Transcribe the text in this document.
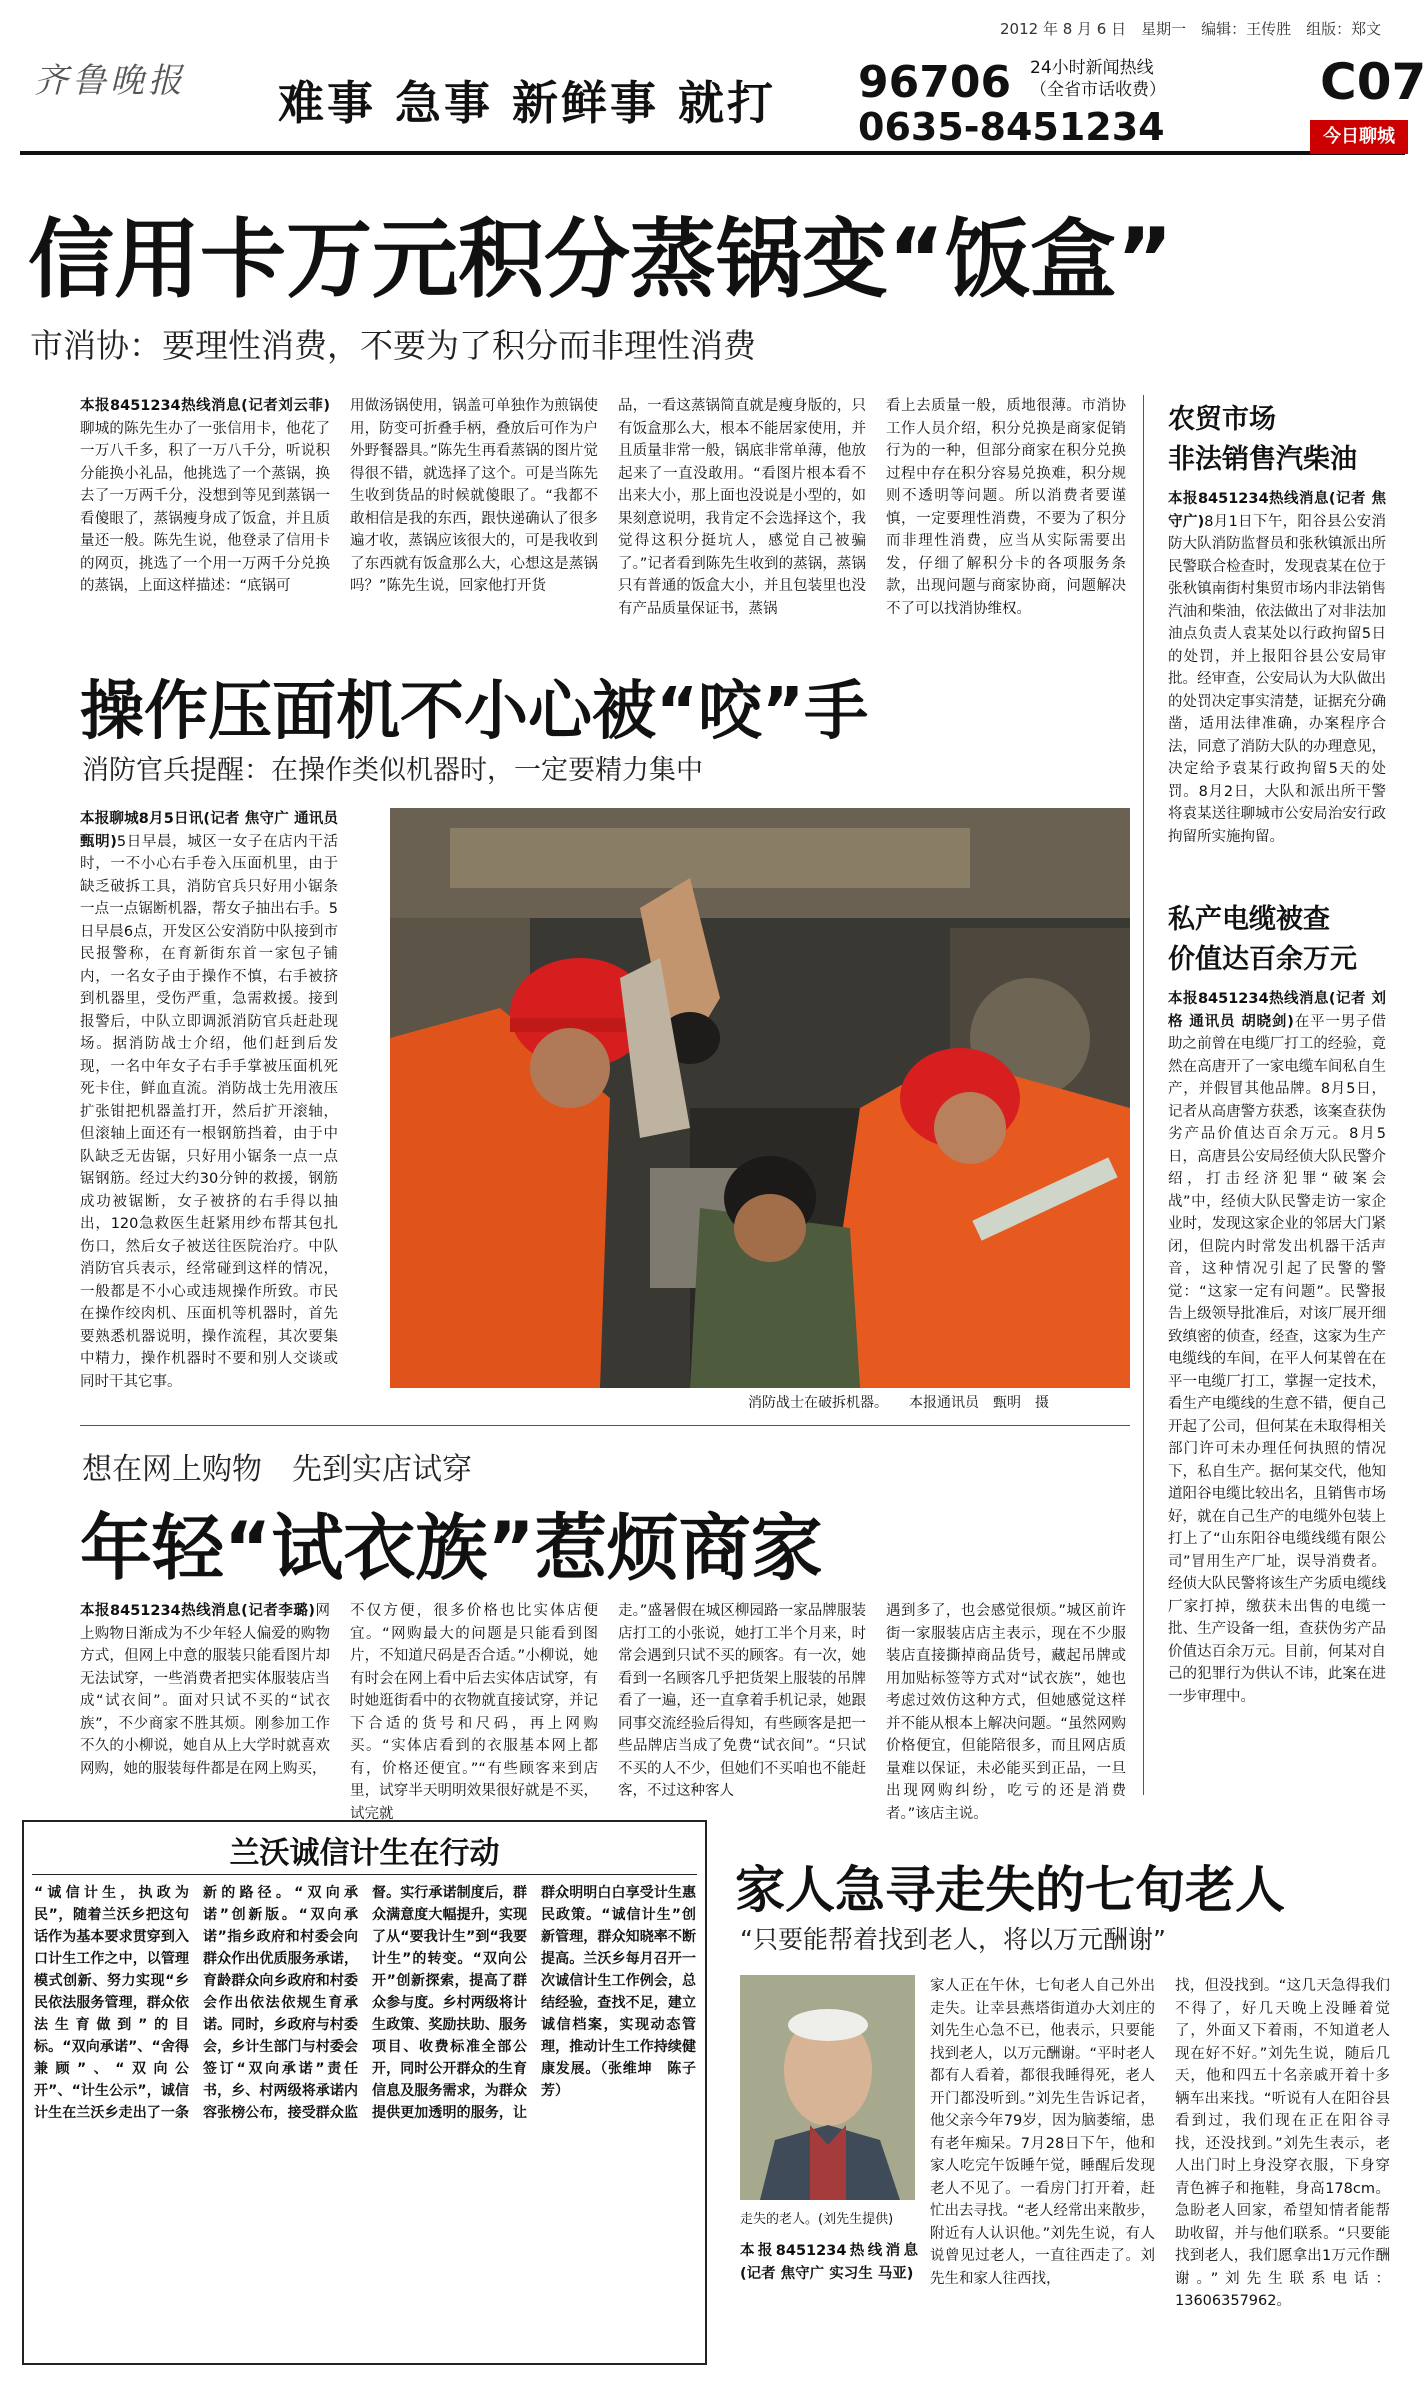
2012 年 8 月 6 日　星期一　编辑：王传胜　组版：郑文
齐鲁晚报 难事 急事 新鲜事 就打 96706 24小时新闻热线（全省市话收费）
0635-8451234
C07
今日聊城
信用卡万元积分蒸锅变“饭盒”
市消协：要理性消费，不要为了积分而非理性消费
本报8451234热线消息(记者刘云菲)聊城的陈先生办了一张信用卡，他花了一万八千多，积了一万八千分，听说积分能换小礼品，他挑选了一个蒸锅，换去了一万两千分，没想到等见到蒸锅一看傻眼了，蒸锅瘦身成了饭盒，并且质量还一般。陈先生说，他登录了信用卡的网页，挑选了一个用一万两千分兑换的蒸锅，上面这样描述：“底锅可
用做汤锅使用，锅盖可单独作为煎锅使用，防变可折叠手柄，叠放后可作为户外野餐器具。”陈先生再看蒸锅的图片觉得很不错，就选择了这个。可是当陈先生收到货品的时候就傻眼了。“我都不敢相信是我的东西，跟快递确认了很多遍才收，蒸锅应该很大的，可是我收到了东西就有饭盒那么大，心想这是蒸锅吗？”陈先生说，回家他打开货
品，一看这蒸锅简直就是瘦身版的，只有饭盒那么大，根本不能居家使用，并且质量非常一般，锅底非常单薄，他放起来了一直没敢用。“看图片根本看不出来大小，那上面也没说是小型的，如果刻意说明，我肯定不会选择这个，我觉得这积分挺坑人，感觉自己被骗了。”记者看到陈先生收到的蒸锅，蒸锅只有普通的饭盒大小，并且包装里也没有产品质量保证书，蒸锅
看上去质量一般，质地很薄。市消协工作人员介绍，积分兑换是商家促销行为的一种，但部分商家在积分兑换过程中存在积分容易兑换难，积分规则不透明等问题。所以消费者要谨慎，一定要理性消费，不要为了积分而非理性消费，应当从实际需要出发，仔细了解积分卡的各项服务条款，出现问题与商家协商，问题解决不了可以找消协维权。
操作压面机不小心被“咬”手
消防官兵提醒：在操作类似机器时，一定要精力集中
本报聊城8月5日讯(记者 焦守广 通讯员 甄明)5日早晨，城区一女子在店内干活时，一不小心右手卷入压面机里，由于缺乏破拆工具，消防官兵只好用小锯条一点一点锯断机器，帮女子抽出右手。5日早晨6点，开发区公安消防中队接到市民报警称，在育新街东首一家包子铺内，一名女子由于操作不慎，右手被挤到机器里，受伤严重，急需救援。接到报警后，中队立即调派消防官兵赶赴现场。据消防战士介绍，他们赶到后发现，一名中年女子右手手掌被压面机死死卡住，鲜血直流。消防战士先用液压扩张钳把机器盖打开，然后扩开滚轴，但滚轴上面还有一根钢筋挡着，由于中队缺乏无齿锯，只好用小锯条一点一点锯钢筋。经过大约30分钟的救援，钢筋成功被锯断，女子被挤的右手得以抽出，120急救医生赶紧用纱布帮其包扎伤口，然后女子被送往医院治疗。中队消防官兵表示，经常碰到这样的情况，一般都是不小心或违规操作所致。市民在操作绞肉机、压面机等机器时，首先要熟悉机器说明，操作流程，其次要集中精力，操作机器时不要和别人交谈或同时干其它事。
消防战士在破拆机器。　　本报通讯员　甄明　摄
想在网上购物　先到实店试穿
年轻“试衣族”惹烦商家
本报8451234热线消息(记者李璐)网上购物日渐成为不少年轻人偏爱的购物方式，但网上中意的服装只能看图片却无法试穿，一些消费者把实体服装店当成“试衣间”。面对只试不买的“试衣族”，不少商家不胜其烦。刚参加工作不久的小柳说，她自从上大学时就喜欢网购，她的服装每件都是在网上购买，
不仅方便，很多价格也比实体店便宜。“网购最大的问题是只能看到图片，不知道尺码是否合适。”小柳说，她有时会在网上看中后去实体店试穿，有时她逛街看中的衣物就直接试穿，并记下合适的货号和尺码，再上网购买。“实体店看到的衣服基本网上都有，价格还便宜。”“有些顾客来到店里，试穿半天明明效果很好就是不买，试完就
走。”盛暑假在城区柳园路一家品牌服装店打工的小张说，她打工半个月来，时常会遇到只试不买的顾客。有一次，她看到一名顾客几乎把货架上服装的吊牌看了一遍，还一直拿着手机记录，她跟同事交流经验后得知，有些顾客是把一些品牌店当成了免费“试衣间”。“只试不买的人不少，但她们不买咱也不能赶客，不过这种客人
遇到多了，也会感觉很烦。”城区前许街一家服装店店主表示，现在不少服装店直接撕掉商品货号，藏起吊牌或用加贴标签等方式对“试衣族”，她也考虑过效仿这种方式，但她感觉这样并不能从根本上解决问题。“虽然网购价格便宜，但能陪很多，而且网店质量难以保证，未必能买到正品，一旦出现网购纠纷，吃亏的还是消费者。”该店主说。
农贸市场
非法销售汽柴油
本报8451234热线消息(记者 焦守广)8月1日下午，阳谷县公安消防大队消防监督员和张秋镇派出所民警联合检查时，发现袁某在位于张秋镇南街村集贸市场内非法销售汽油和柴油，依法做出了对非法加油点负责人袁某处以行政拘留5日的处罚，并上报阳谷县公安局审批。经审查，公安局认为大队做出的处罚决定事实清楚，证据充分确凿，适用法律准确，办案程序合法，同意了消防大队的办理意见，决定给予袁某行政拘留5天的处罚。8月2日，大队和派出所干警将袁某送往聊城市公安局治安行政拘留所实施拘留。
私产电缆被查
价值达百余万元
本报8451234热线消息(记者 刘格 通讯员 胡晓剑)在平一男子借助之前曾在电缆厂打工的经验，竟然在高唐开了一家电缆车间私自生产，并假冒其他品牌。8月5日，记者从高唐警方获悉，该案查获伪劣产品价值达百余万元。8月5日，高唐县公安局经侦大队民警介绍，打击经济犯罪“破案会战”中，经侦大队民警走访一家企业时，发现这家企业的邻居大门紧闭，但院内时常发出机器干活声音，这种情况引起了民警的警觉：“这家一定有问题”。民警报告上级领导批准后，对该厂展开细致缜密的侦查，经查，这家为生产电缆线的车间，在平人何某曾在在平一电缆厂打工，掌握一定技术，看生产电缆线的生意不错，便自己开起了公司，但何某在未取得相关部门许可未办理任何执照的情况下，私自生产。据何某交代，他知道阳谷电缆比较出名，且销售市场好，就在自己生产的电缆外包装上打上了“山东阳谷电缆线缆有限公司”冒用生产厂址，误导消费者。经侦大队民警将该生产劣质电缆线厂家打掉，缴获未出售的电缆一批、生产设备一组，查获伪劣产品价值达百余万元。目前，何某对自己的犯罪行为供认不讳，此案在进一步审理中。
兰沃诚信计生在行动
“诚信计生，执政为民”，随着兰沃乡把这句话作为基本要求贯穿到入口计生工作之中，以管理模式创新、努力实现“乡民依法服务管理，群众依法生育做到”的目标。“双向承诺”、“舍得兼顾”、“双向公开”、“计生公示”，诚信计生在兰沃乡走出了一条新的路径。“双向承诺”创新版。“双向承诺”指乡政府和村委会向群众作出优质服务承诺，育龄群众向乡政府和村委会作出依法依规生育承诺。同时，乡政府与村委会，乡计生部门与村委会签订“双向承诺”责任书，乡、村两级将承诺内容张榜公布，接受群众监督。实行承诺制度后，群众满意度大幅提升，实现了从“要我计生”到“我要计生”的转变。“双向公开”创新探索，提高了群众参与度。乡村两级将计生政策、奖励扶助、服务项目、收费标准全部公开，同时公开群众的生育信息及服务需求，为群众提供更加透明的服务，让群众明明白白享受计生惠民政策。“诚信计生”创新管理，群众知晓率不断提高。兰沃乡每月召开一次诚信计生工作例会，总结经验，查找不足，建立诚信档案，实现动态管理，推动计生工作持续健康发展。（张维坤　陈子芳）
家人急寻走失的七旬老人
“只要能帮着找到老人，将以万元酬谢”
走失的老人。(刘先生提供)
本报8451234热线消息(记者 焦守广 实习生 马亚)
家人正在午休，七旬老人自己外出走失。让幸县燕塔街道办大刘庄的刘先生心急不已，他表示，只要能找到老人，以万元酬谢。“平时老人都有人看着，都很我睡得死，老人开门都没听到。”刘先生告诉记者，他父亲今年79岁，因为脑萎缩，患有老年痴呆。7月28日下午，他和家人吃完午饭睡午觉，睡醒后发现老人不见了。一看房门打开着，赶忙出去寻找。“老人经常出来散步，附近有人认识他。”刘先生说，有人说曾见过老人，一直往西走了。刘先生和家人往西找，
找，但没找到。“这几天急得我们不得了，好几天晚上没睡着觉了，外面又下着雨，不知道老人现在好不好。”刘先生说，随后几天，他和四五十名亲戚开着十多辆车出来找。“听说有人在阳谷县看到过，我们现在正在阳谷寻找，还没找到。”刘先生表示，老人出门时上身没穿衣服，下身穿青色裤子和拖鞋，身高178cm。急盼老人回家，希望知情者能帮助收留，并与他们联系。“只要能找到老人，我们愿拿出1万元作酬谢。”刘先生联系电话：13606357962。
